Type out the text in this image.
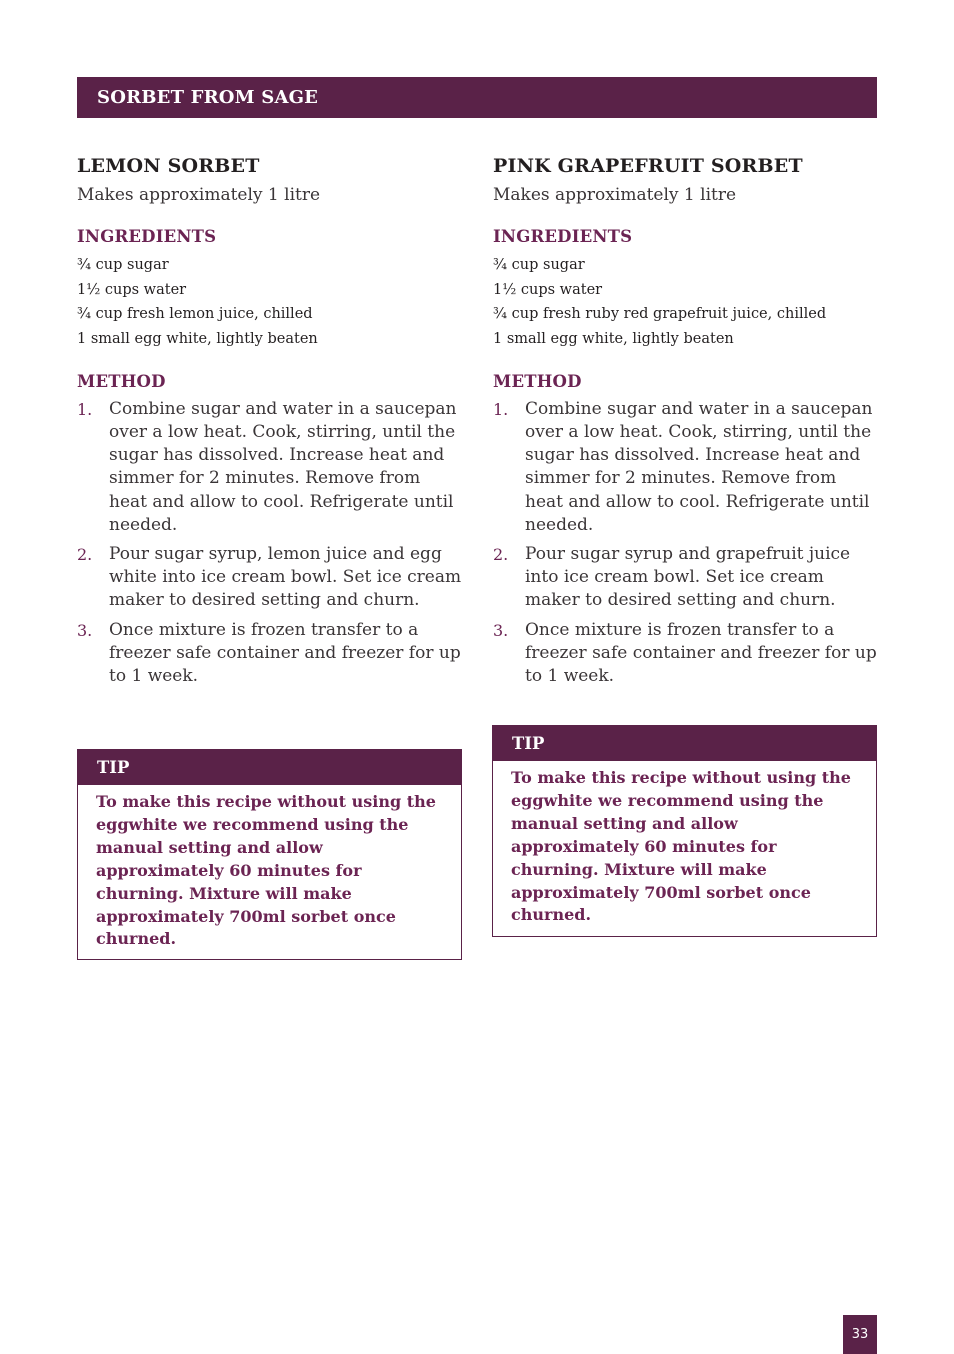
SORBET FROM SAGE
LEMON SORBET

Makes approximately 1 litre

INGREDIENTS
¾ cup sugar
1½ cups water
¾ cup fresh lemon juice, chilled
1 small egg white, lightly beaten
METHOD
1. Combine sugar and water in a saucepan over a low heat. Cook, stirring, until the sugar has dissolved. Increase heat and simmer for 2 minutes. Remove from heat and allow to cool. Refrigerate until needed.
2. Pour sugar syrup, lemon juice and egg white into ice cream bowl. Set ice cream maker to desired setting and churn.
3. Once mixture is frozen transfer to a freezer safe container and freezer for up to 1 week.
TIP
To make this recipe without using the eggwhite we recommend using the manual setting and allow approximately 60 minutes for churning. Mixture will make approximately 700ml sorbet once churned.
PINK GRAPEFRUIT SORBET

Makes approximately 1 litre

INGREDIENTS
¾ cup sugar
1½ cups water
¾ cup fresh ruby red grapefruit juice, chilled
1 small egg white, lightly beaten
METHOD
1. Combine sugar and water in a saucepan over a low heat. Cook, stirring, until the sugar has dissolved. Increase heat and simmer for 2 minutes. Remove from heat and allow to cool. Refrigerate until needed.
2. Pour sugar syrup and grapefruit juice into ice cream bowl. Set ice cream maker to desired setting and churn.
3. Once mixture is frozen transfer to a freezer safe container and freezer for up to 1 week.
TIP
To make this recipe without using the eggwhite we recommend using the manual setting and allow approximately 60 minutes for churning. Mixture will make approximately 700ml sorbet once churned.
33
